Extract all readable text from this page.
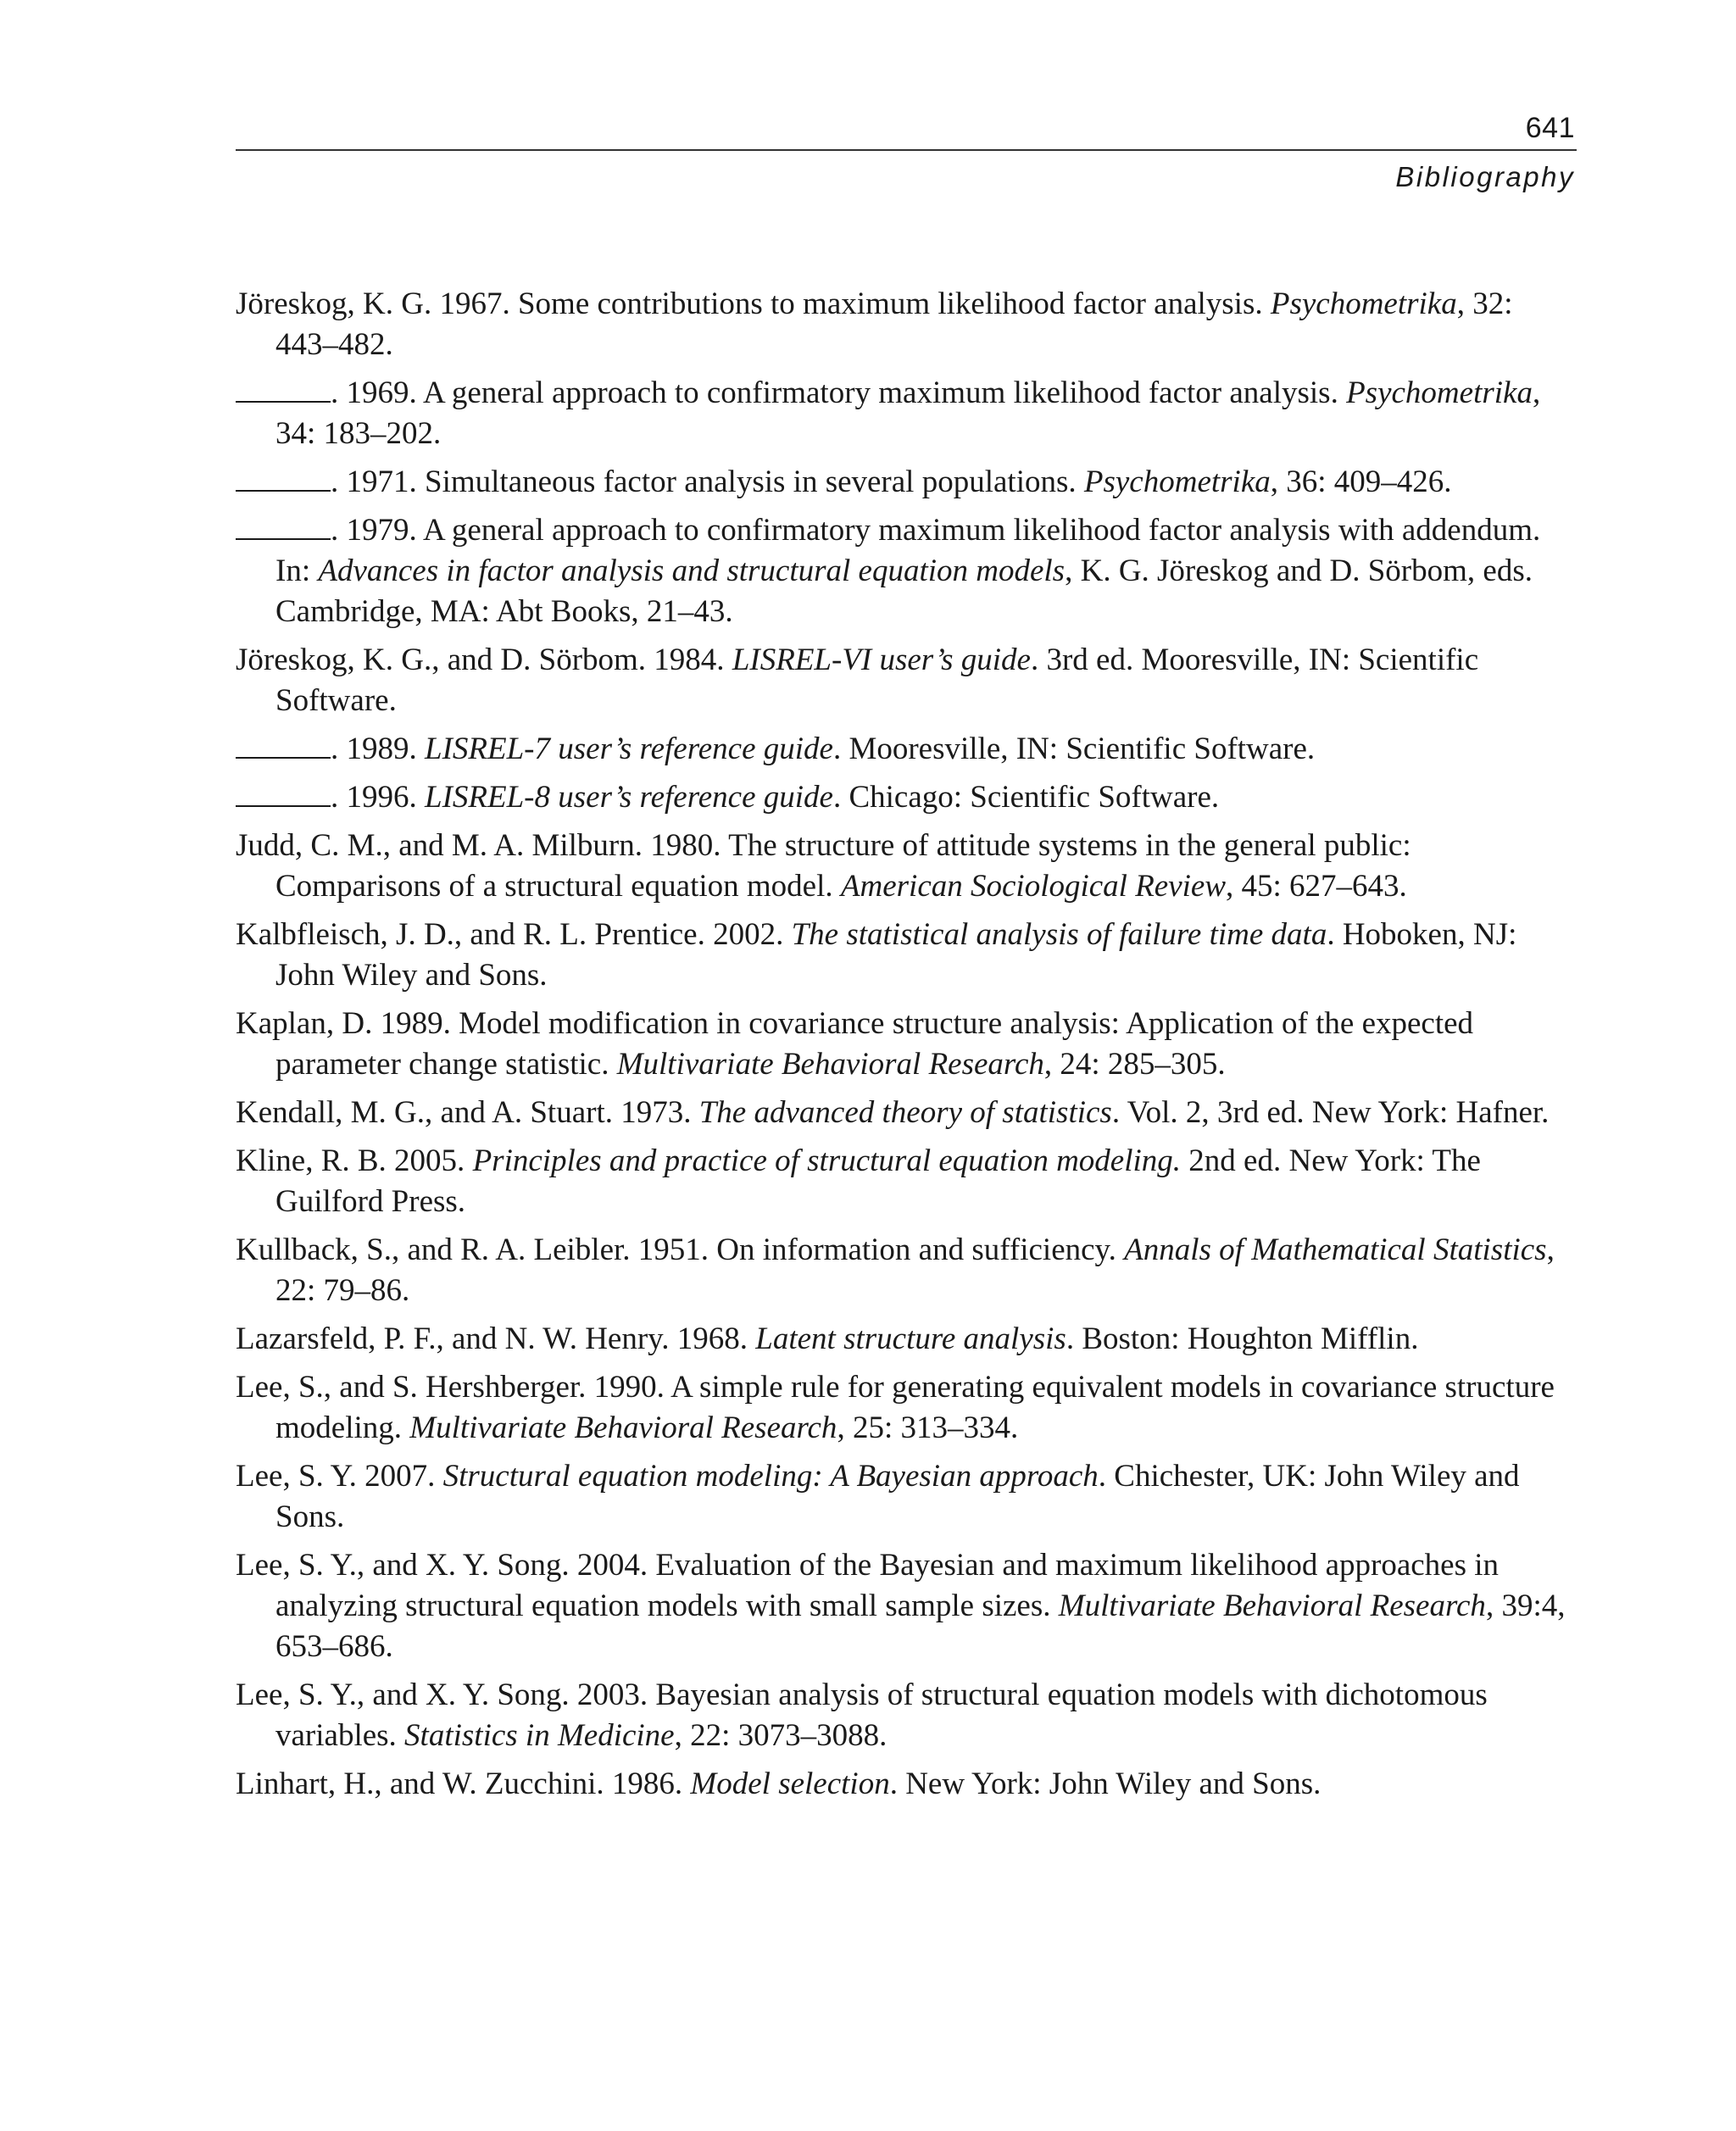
641
Bibliography
Jöreskog, K. G. 1967. Some contributions to maximum likelihood factor analysis. Psychometrika, 32: 443–482.
. 1969. A general approach to confirmatory maximum likelihood factor analysis. Psychometrika, 34: 183–202.
. 1971. Simultaneous factor analysis in several populations. Psychometrika, 36: 409–426.
. 1979. A general approach to confirmatory maximum likelihood factor analysis with addendum. In: Advances in factor analysis and structural equation models, K. G. Jöreskog and D. Sörbom, eds. Cambridge, MA: Abt Books, 21–43.
Jöreskog, K. G., and D. Sörbom. 1984. LISREL-VI user’s guide. 3rd ed. Mooresville, IN: Scientific Software.
. 1989. LISREL-7 user’s reference guide. Mooresville, IN: Scientific Software.
. 1996. LISREL-8 user’s reference guide. Chicago: Scientific Software.
Judd, C. M., and M. A. Milburn. 1980. The structure of attitude systems in the general public: Comparisons of a structural equation model. American Sociological Review, 45: 627–643.
Kalbfleisch, J. D., and R. L. Prentice. 2002. The statistical analysis of failure time data. Hoboken, NJ: John Wiley and Sons.
Kaplan, D. 1989. Model modification in covariance structure analysis: Application of the expected parameter change statistic. Multivariate Behavioral Research, 24: 285–305.
Kendall, M. G., and A. Stuart. 1973. The advanced theory of statistics. Vol. 2, 3rd ed. New York: Hafner.
Kline, R. B. 2005. Principles and practice of structural equation modeling. 2nd ed. New York: The Guilford Press.
Kullback, S., and R. A. Leibler. 1951. On information and sufficiency. Annals of Mathematical Statistics, 22: 79–86.
Lazarsfeld, P. F., and N. W. Henry. 1968. Latent structure analysis. Boston: Houghton Mifflin.
Lee, S., and S. Hershberger. 1990. A simple rule for generating equivalent models in covariance structure modeling. Multivariate Behavioral Research, 25: 313–334.
Lee, S. Y. 2007. Structural equation modeling: A Bayesian approach. Chichester, UK: John Wiley and Sons.
Lee, S. Y., and X. Y. Song. 2004. Evaluation of the Bayesian and maximum likelihood approaches in analyzing structural equation models with small sample sizes. Multivariate Behavioral Research, 39:4, 653–686.
Lee, S. Y., and X. Y. Song. 2003. Bayesian analysis of structural equation models with dichotomous variables. Statistics in Medicine, 22: 3073–3088.
Linhart, H., and W. Zucchini. 1986. Model selection. New York: John Wiley and Sons.
